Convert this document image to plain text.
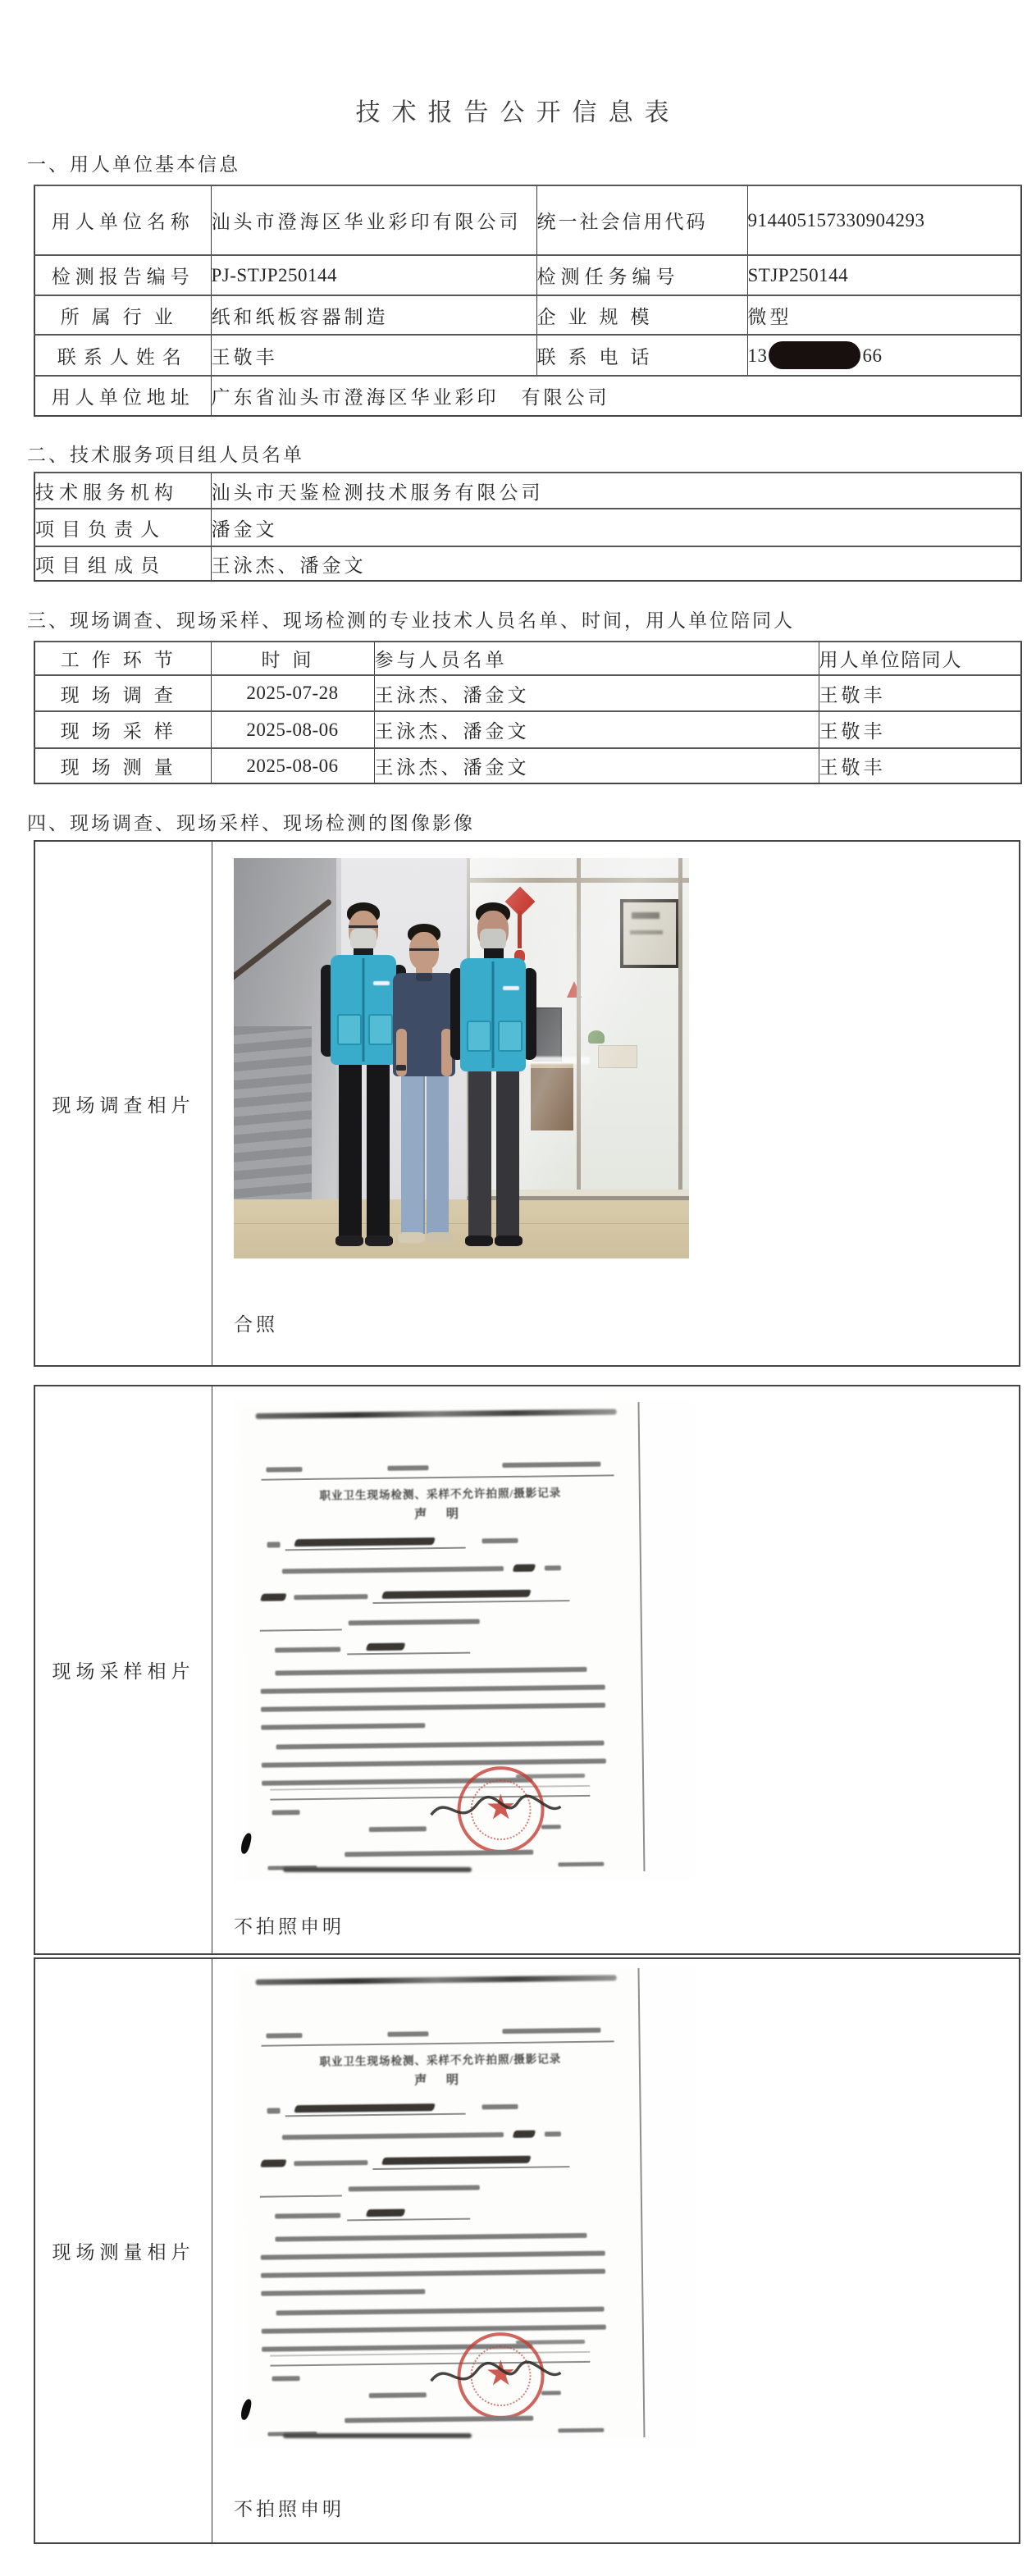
技术报告公开信息表
一、用人单位基本信息
用人单位名称	汕头市澄海区华业彩印有限公司	统一社会信用代码	914405157330904293
检测报告编号	PJ-STJP250144	检测任务编号	STJP250144
所属行业	纸和纸板容器制造	企业规模	微型
联系人姓名	王敬丰	联系电话	13 66
用人单位地址	广东省汕头市澄海区华业彩印　有限公司		
二、技术服务项目组人员名单
技术服务机构	汕头市天鉴检测技术服务有限公司
项目负责人	潘金文
项目组成员	王泳杰、潘金文
三、现场调查、现场采样、现场检测的专业技术人员名单、时间，用人单位陪同人
工作环节	时间	参与人员名单	用人单位陪同人
现场调查	2025-07-28	王泳杰、潘金文	王敬丰
现场采样	2025-08-06	王泳杰、潘金文	王敬丰
现场测量	2025-08-06	王泳杰、潘金文	王敬丰
四、现场调查、现场采样、现场检测的图像影像
现场调查相片
合照
现场采样相片
职业卫生现场检测、采样不允许拍照/摄影记录
声 明
不拍照申明
现场测量相片
职业卫生现场检测、采样不允许拍照/摄影记录
声 明
不拍照申明
